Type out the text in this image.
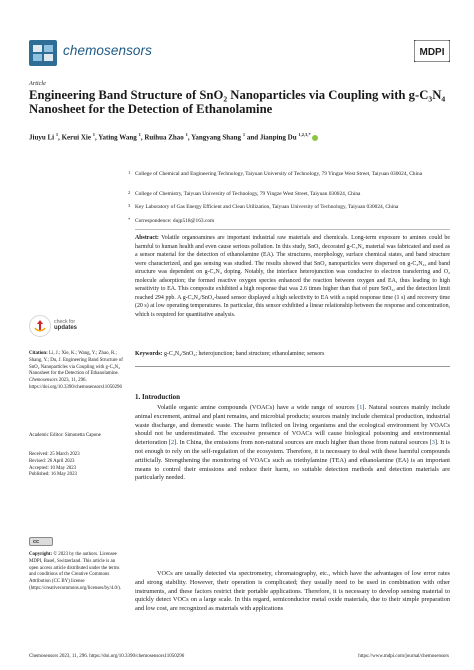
chemosensors	MDPI
Article
Engineering Band Structure of SnO₂ Nanoparticles via Coupling with g-C₃N₄ Nanosheet for the Detection of Ethanolamine
Jiuyu Li $^1$, Kerui Xie $^1$, Yating Wang $^1$, Ruihua Zhao $^1$, Yangyang Shang $^1$ and Jianping Du $^{1,2,3,*}$
1 College of Chemical and Engineering Technology, Taiyuan University of Technology, 79 Yingze West Street, Taiyuan 030024, China
2 College of Chemistry, Taiyuan University of Technology, 79 Yingze West Street, Taiyuan 030024, China
3 Key Laboratory of Gas Energy Efficient and Clean Utilization, Taiyuan University of Technology, Taiyuan 030024, China
* Correspondence: dujp518@163.com

Abstract: Volatile organoamines are important industrial raw materials and chemicals. Long-term exposure to amines could be harmful to human health and even cause serious pollution. In this study, SnO₂ decorated g-C₃N₄ material was fabricated and used as a sensor material for the detection of ethanolamine (EA). The structures, morphology, surface chemical states, and band structure were characterized, and gas sensing was studied. The results showed that SnO₂ nanoparticles were dispersed on g-C₃N₄, and band structure was dependent on g-C₃N₄ doping. Notably, the interface heterojunction was conducive to electron transferring and O₂ molecule adsorption; the formed reactive oxygen species enhanced the reaction between oxygen and EA, thus leading to high sensitivity to EA. This composite exhibited a high response that was 2.6 times higher than that of pure SnO₂, and the detection limit reached 294 ppb. A g-C₃N₄/SnO₂-based sensor displayed a high selectivity to EA with a rapid response time (1 s) and recovery time (20 s) at low operating temperatures. In particular, this sensor exhibited a linear relationship between the response and concentration, which is required for quantitative analysis.

Keywords: g-C₃N₄/SnO₂; heterojunction; band structure; ethanolamine; sensors

1. Introduction

Volatile organic amine compounds (VOACs) have a wide range of sources [1]. Natural sources mainly include animal excrement, animal and plant remains, and microbial products; sources mainly include chemical production, industrial waste discharge, and domestic waste. The harm inflicted on living organisms and the ecological environment by VOACs should not be underestimated. The excessive presence of VOACs will cause biological poisoning and environmental deterioration [2]. In China, the emissions from non-natural sources are much higher than those from natural sources [3]. It is not enough to rely on the self-regulation of the ecosystem. Therefore, it is necessary to deal with these harmful compounds artificially. Strengthening the monitoring of VOACs such as triethylamine (TEA) and ethanolamine (EA) is an important means to control their emissions and reduce their harm, so suitable detection methods and detection materials are particularly needed.

VOCs are usually detected via spectrometry, chromatography, etc., which have the advantages of low error rates and strong stability. However, their operation is complicated; they usually need to be used in combination with other instruments, and these factors restrict their portable applications. Therefore, it is necessary to develop sensing material to quickly detect VOCs on a large scale. In this regard, semiconductor metal oxide materials, due to their simple preparation and low cost, are recognized as materials with applications

check for
updates
Citation: Li, J.; Xie, K.; Wang, Y.; Zhao, R.; Shang, Y.; Du, J. Engineering Band Structure of SnO₂ Nanoparticles via Coupling with g-C₃N₄ Nanosheet for the Detection of Ethanolamine. Chemosensors 2023, 11, 296. https://doi.org/10.3390/chemosensors11050296
Academic Editor: Simonetta Capone
Received: 25 March 2023
Revised: 26 April 2023
Accepted: 10 May 2023
Published: 16 May 2023
cc
Copyright: © 2023 by the authors. Licensee MDPI, Basel, Switzerland. This article is an open access article distributed under the terms and conditions of the Creative Commons Attribution (CC BY) license (https://creativecommons.org/licenses/by/4.0/).
Chemosensors 2023, 11, 296. https://doi.org/10.3390/chemosensors11050296	https://www.mdpi.com/journal/chemosensors
